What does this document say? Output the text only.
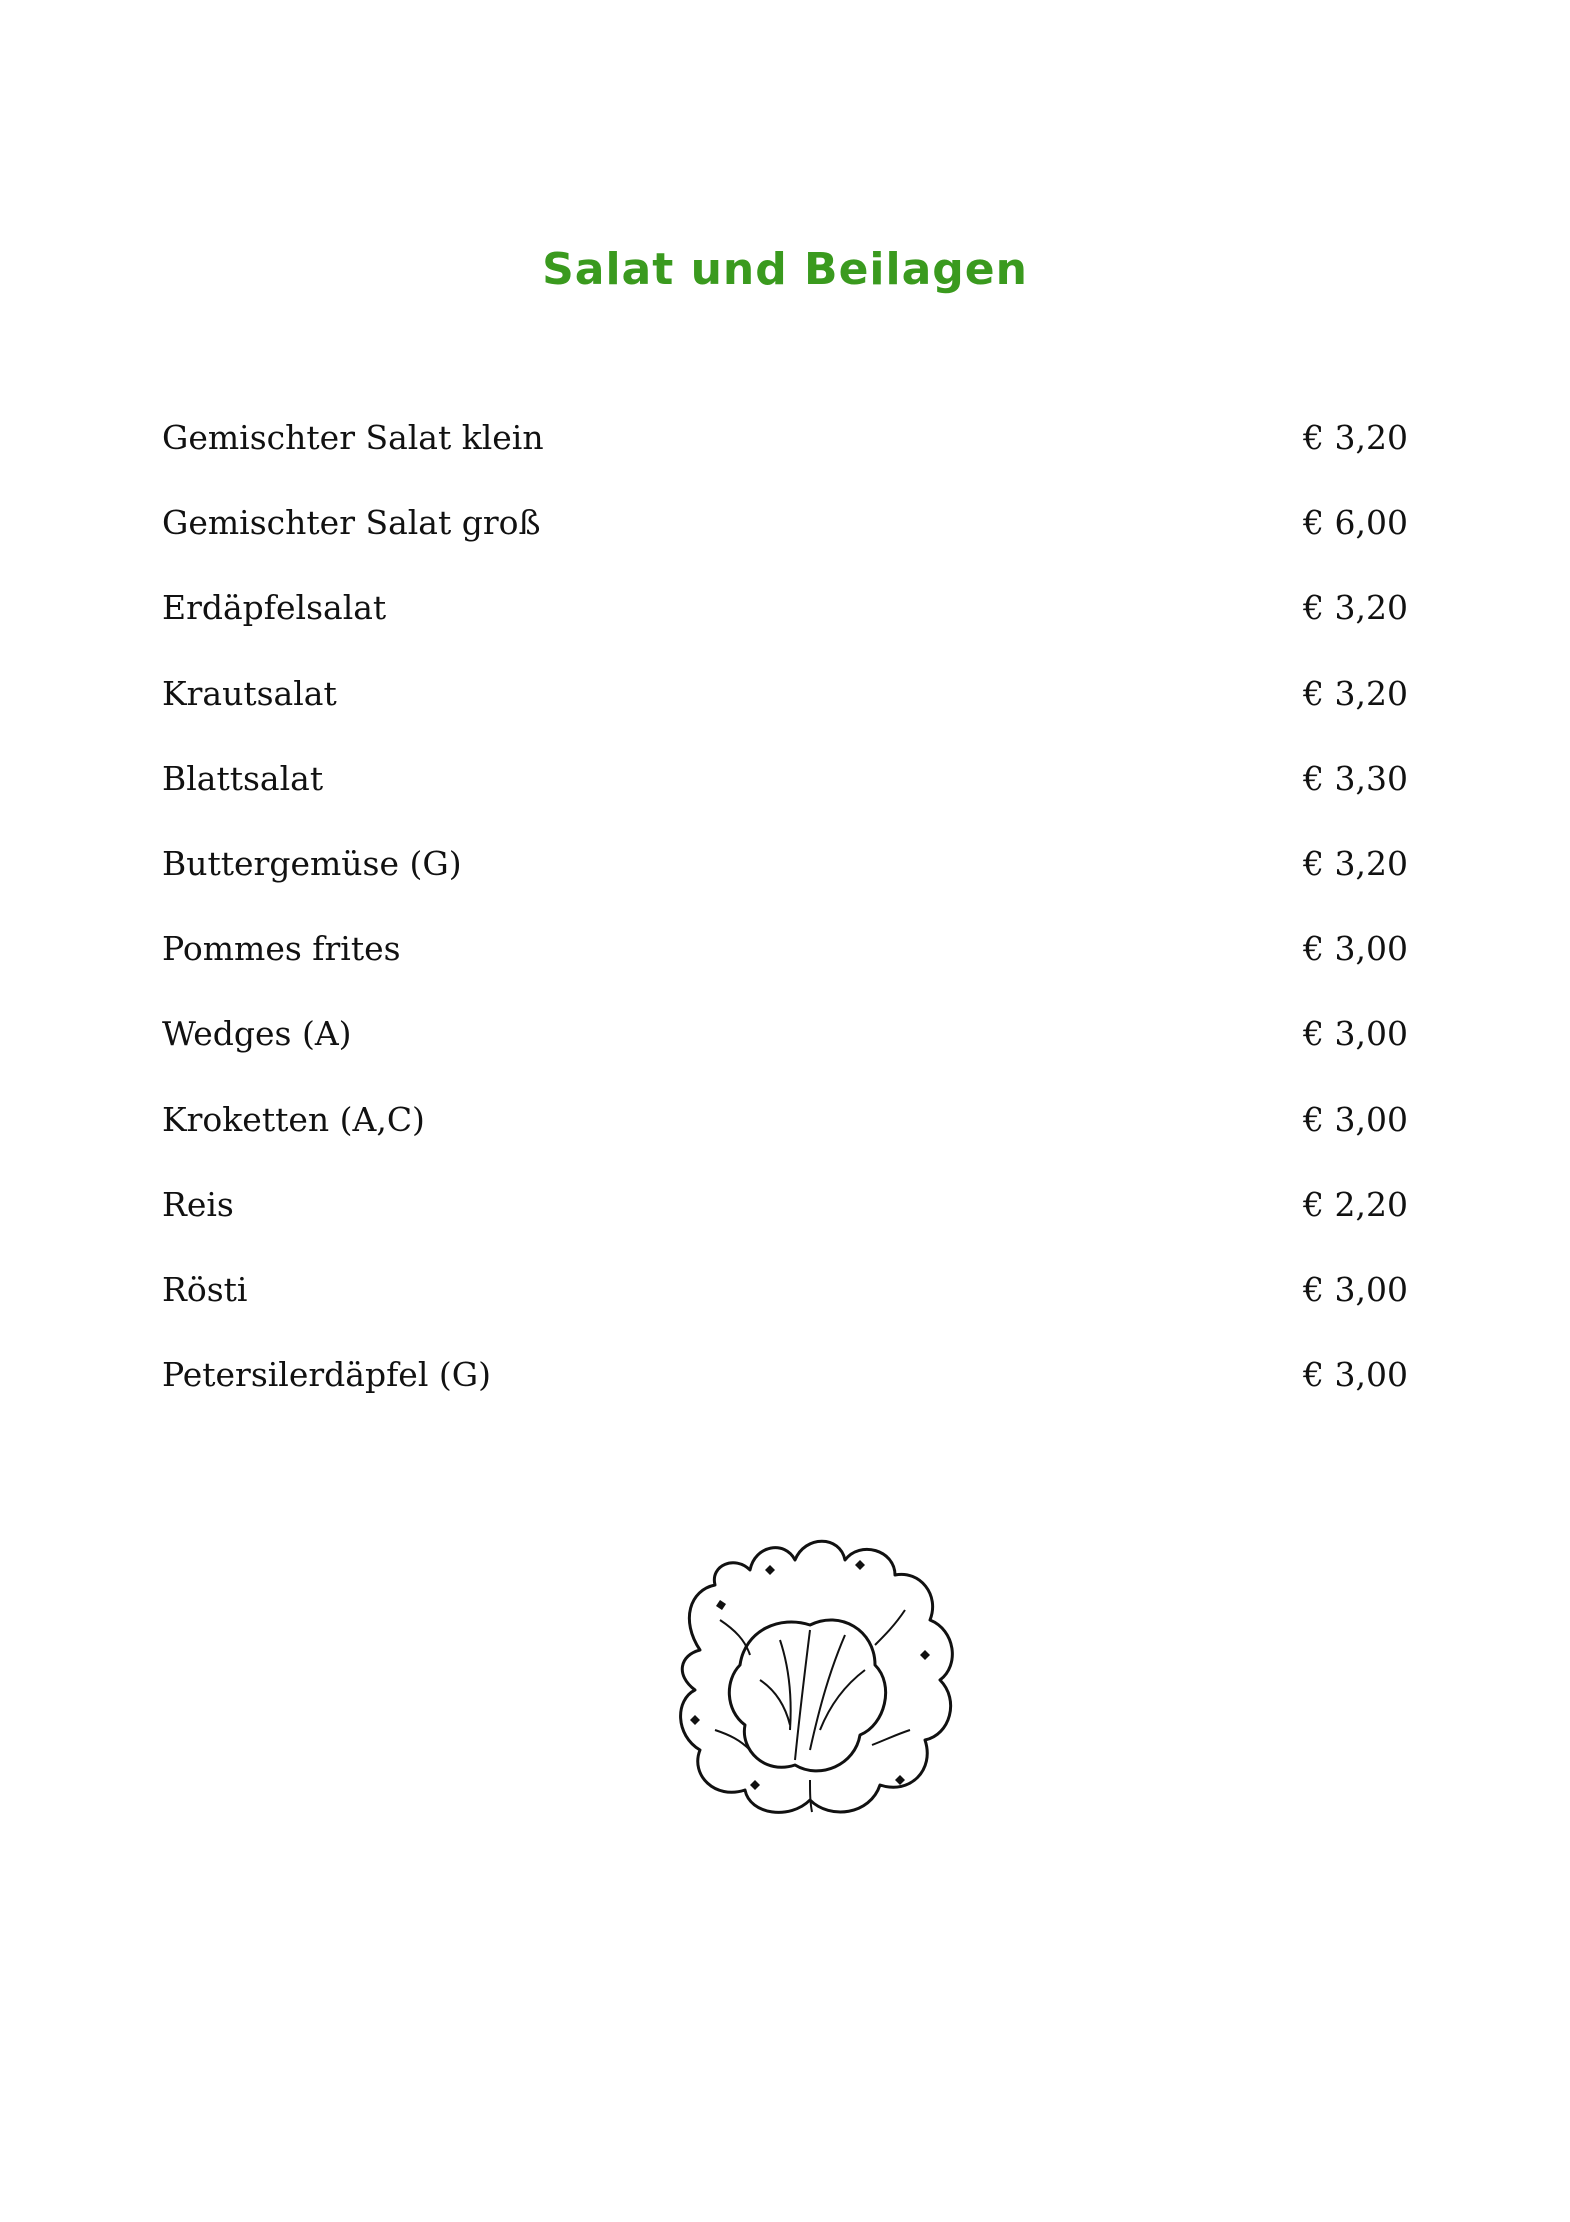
Salat und Beilagen
Gemischter Salat klein	€ 3,20
Gemischter Salat groß	€ 6,00
Erdäpfelsalat	€ 3,20
Krautsalat	€ 3,20
Blattsalat	€ 3,30
Buttergemüse (G)	€ 3,20
Pommes frites	€ 3,00
Wedges (A)	€ 3,00
Kroketten (A,C)	€ 3,00
Reis	€ 2,20
Rösti	€ 3,00
Petersilerdäpfel (G)	€ 3,00
